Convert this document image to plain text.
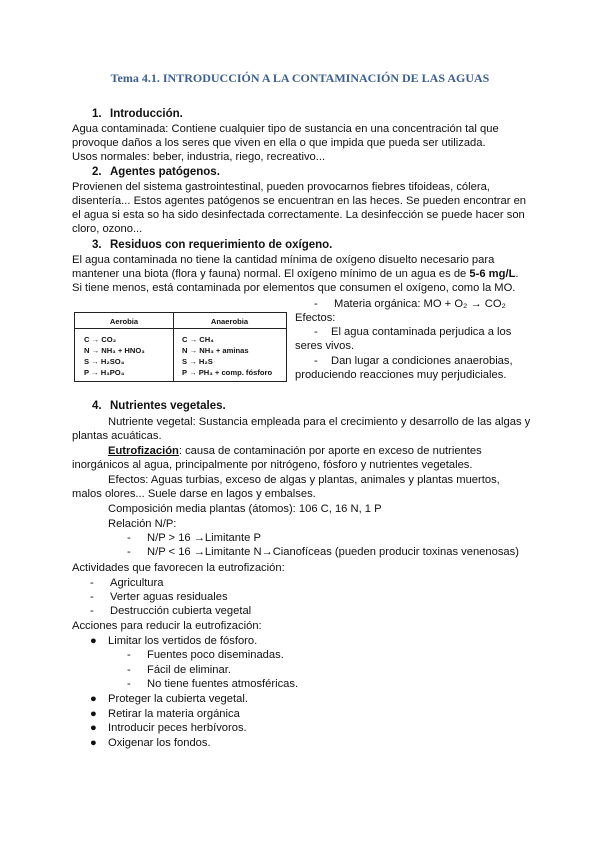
Tema 4.1. INTRODUCCIÓN A LA CONTAMINACIÓN DE LAS AGUAS
1. Introducción.
Agua contaminada: Contiene cualquier tipo de sustancia en una concentración tal que
provoque daños a los seres que viven en ella o que impida que pueda ser utilizada.
Usos normales: beber, industria, riego, recreativo...
2. Agentes patógenos.
Provienen del sistema gastrointestinal, pueden provocarnos fiebres tifoideas, cólera,
disentería... Estos agentes patógenos se encuentran en las heces. Se pueden encontrar en
el agua si esta so ha sido desinfectada correctamente. La desinfección se puede hacer son
cloro, ozono...
3. Residuos con requerimiento de oxígeno.
El agua contaminada no tiene la cantidad mínima de oxígeno disuelto necesario para
mantener una biota (flora y fauna) normal. El oxígeno mínimo de un agua es de 5-6 mg/L.
Si tiene menos, está contaminada por elementos que consumen el oxígeno, como la MO.
- Materia orgánica: MO + O₂ → CO₂
Efectos:
- El agua contaminada perjudica a los
seres vivos.
- Dan lugar a condiciones anaerobias,
produciendo reacciones muy perjudiciales.
Aerobia
C → CO₂
N → NH₃ + HNO₃
S → H₂SO₄
P → H₃PO₄
Anaerobia
C → CH₄
N → NH₃ + aminas
S → H₂S
P → PH₃ + comp. fósforo
4. Nutrientes vegetales.
Nutriente vegetal: Sustancia empleada para el crecimiento y desarrollo de las algas y
plantas acuáticas.
Eutrofización: causa de contaminación por aporte en exceso de nutrientes
inorgánicos al agua, principalmente por nitrógeno, fósforo y nutrientes vegetales.
Efectos: Aguas turbias, exceso de algas y plantas, animales y plantas muertos,
malos olores... Suele darse en lagos y embalses.
Composición media plantas (átomos): 106 C, 16 N, 1 P
Relación N/P:
- N/P > 16 →Limitante P
- N/P < 16 →Limitante N→Cianofíceas (pueden producir toxinas venenosas)
Actividades que favorecen la eutrofización:
- Agricultura
- Verter aguas residuales
- Destrucción cubierta vegetal
Acciones para reducir la eutrofización:
● Limitar los vertidos de fósforo.
- Fuentes poco diseminadas.
- Fácil de eliminar.
- No tiene fuentes atmosféricas.
● Proteger la cubierta vegetal.
● Retirar la materia orgánica
● Introducir peces herbívoros.
● Oxigenar los fondos.
